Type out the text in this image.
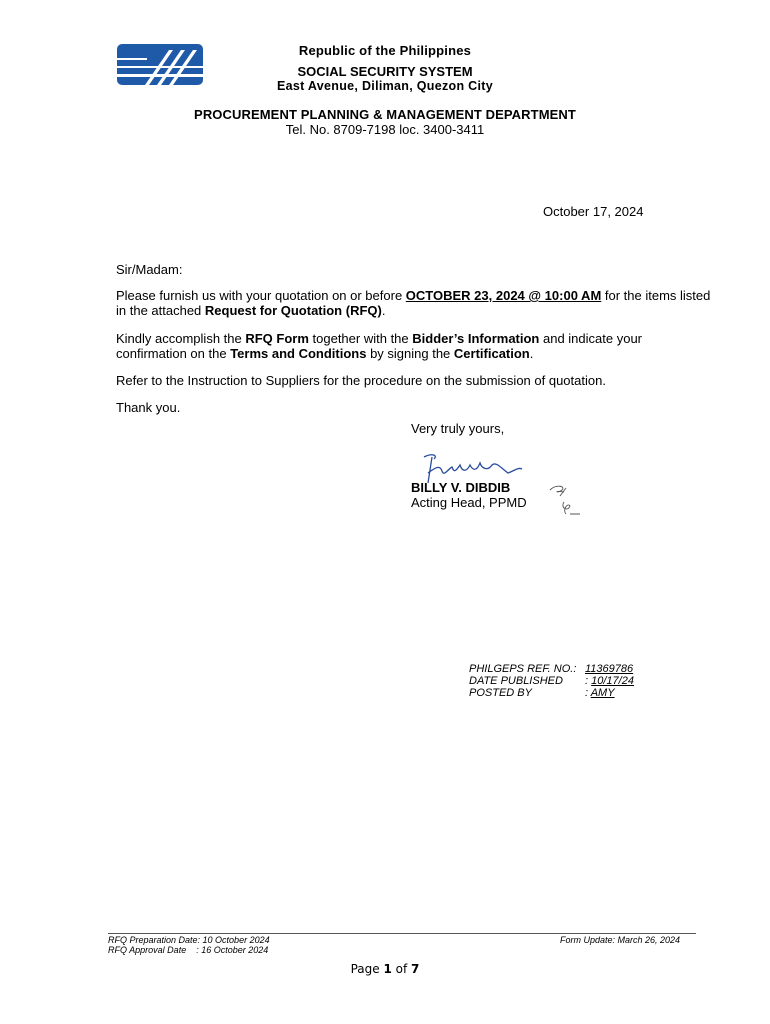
Republic of the Philippines
SOCIAL SECURITY SYSTEM
East Avenue, Diliman, Quezon City
PROCUREMENT PLANNING & MANAGEMENT DEPARTMENT
Tel. No. 8709-7198 loc. 3400-3411
October 17, 2024
Sir/Madam:
Please furnish us with your quotation on or before OCTOBER 23, 2024 @ 10:00 AM for the items listed in the attached Request for Quotation (RFQ).
Kindly accomplish the RFQ Form together with the Bidder’s Information and indicate your confirmation on the Terms and Conditions by signing the Certification.
Refer to the Instruction to Suppliers for the procedure on the submission of quotation.
Thank you.
Very truly yours,
BILLY V. DIBDIB
Acting Head, PPMD
PHILGEPS REF. NO.: 11369786
DATE PUBLISHED : 10/17/24
POSTED BY	: AMY
RFQ Preparation Date: 10 October 2024
RFQ Approval Date    : 16 October 2024
Form Update: March 26, 2024
Page 1 of 7
